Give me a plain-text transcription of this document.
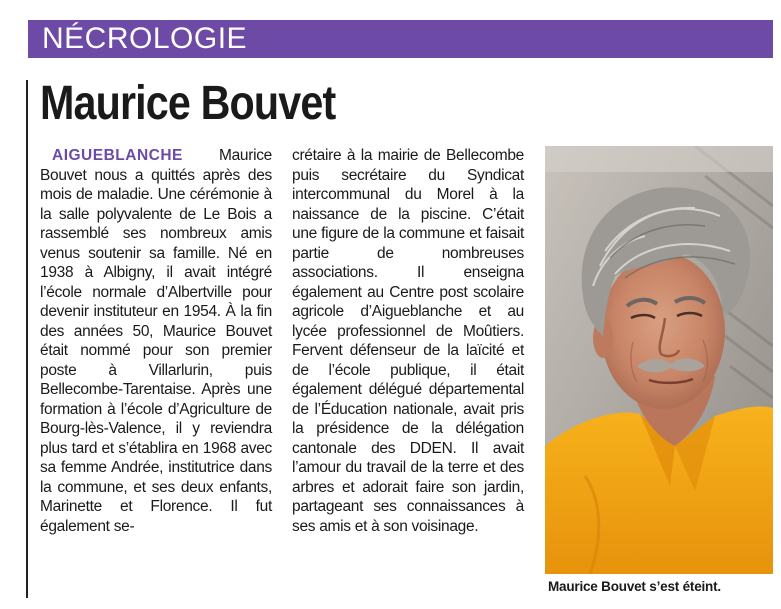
NÉCROLOGIE
Maurice Bouvet
AIGUEBLANCHE Maurice Bouvet nous a quittés après des mois de maladie. Une cérémonie à la salle polyvalente de Le Bois a rassemblé ses nombreux amis venus soutenir sa famille. Né en 1938 à Albigny, il avait intégré l’école normale d’Albertville pour devenir instituteur en 1954. À la fin des années 50, Maurice Bouvet était nommé pour son premier poste à Villarlurin, puis Bellecombe-Tarentaise. Après une formation à l’école d’Agriculture de Bourg-lès-Valence, il y reviendra plus tard et s’établira en 1968 avec sa femme Andrée, institutrice dans la commune, et ses deux enfants, Marinette et Florence. Il fut également se-
crétaire à la mairie de Bellecombe puis secrétaire du Syndicat intercommunal du Morel à la naissance de la piscine. C’était une figure de la commune et faisait partie de nombreuses associations. Il enseigna également au Centre post scolaire agricole d’Aigueblanche et au lycée professionnel de Moûtiers. Fervent défenseur de la laïcité et de l’école publique, il était également délégué départemental de l’Éducation nationale, avait pris la présidence de la délégation cantonale des DDEN. Il avait l’amour du travail de la terre et des arbres et adorait faire son jardin, partageant ses connaissances à ses amis et à son voisinage.
Maurice Bouvet s’est éteint.
